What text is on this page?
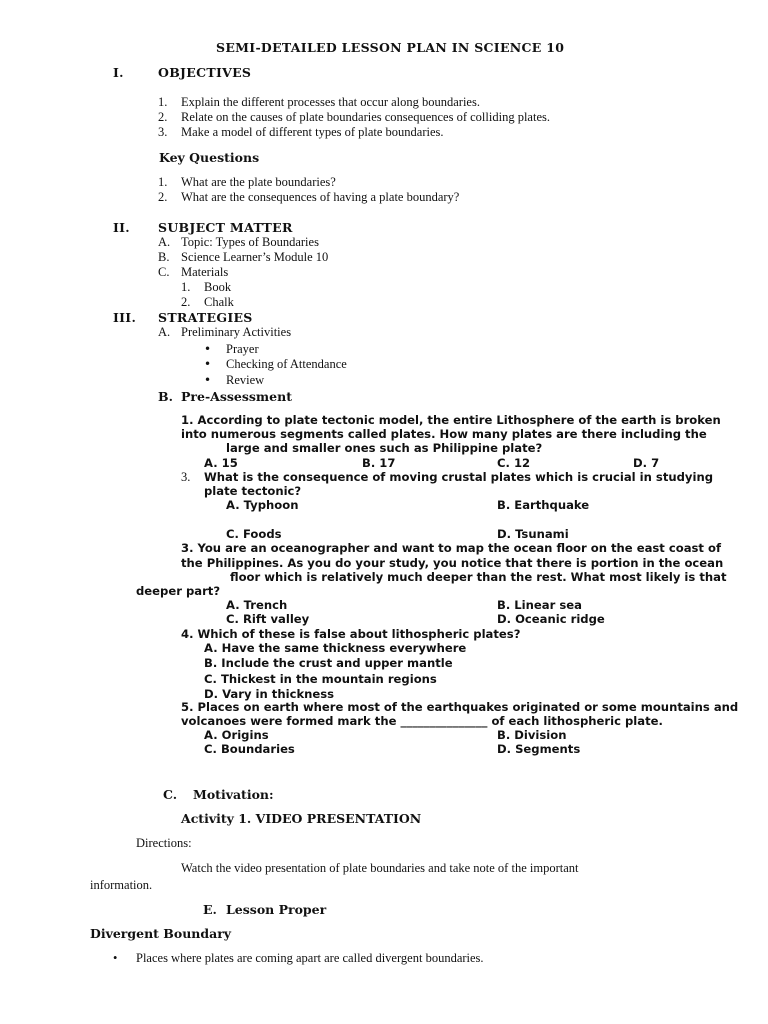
SEMI-DETAILED LESSON PLAN IN SCIENCE 10
I.	OBJECTIVES
1. Explain the different processes that occur along boundaries.
2. Relate on the causes of plate boundaries consequences of colliding plates.
3. Make a model of different types of plate boundaries.
Key Questions
1. What are the plate boundaries?
2. What are the consequences of having a plate boundary?
II. SUBJECT MATTER
A. Topic: Types of Boundaries
B. Science Learner’s Module 10
C. Materials
1. Book
2. Chalk
III. STRATEGIES
A. Preliminary Activities
• Prayer
• Checking of Attendance
• Review
B. Pre-Assessment
1. According to plate tectonic model, the entire Lithosphere of the earth is broken
into numerous segments called plates. How many plates are there including the
large and smaller ones such as Philippine plate?
A. 15	B. 17	C. 12	D. 7
3. What is the consequence of moving crustal plates which is crucial in studying
plate tectonic?
A. Typhoon	B. Earthquake
C. Foods	D. Tsunami
3. You are an oceanographer and want to map the ocean floor on the east coast of
the Philippines. As you do your study, you notice that there is portion in the ocean
floor which is relatively much deeper than the rest. What most likely is that
deeper part?
A. Trench	B. Linear sea
C. Rift valley	D. Oceanic ridge
4. Which of these is false about lithospheric plates?
A. Have the same thickness everywhere
B. Include the crust and upper mantle
C. Thickest in the mountain regions
D. Vary in thickness
5. Places on earth where most of the earthquakes originated or some mountains and
volcanoes were formed mark the _______________ of each lithospheric plate.
A. Origins	B. Division
C. Boundaries	D. Segments
C. Motivation:
Activity 1. VIDEO PRESENTATION
Directions:
Watch the video presentation of plate boundaries and take note of the important
information.
E. Lesson Proper
Divergent Boundary
• Places where plates are coming apart are called divergent boundaries.
